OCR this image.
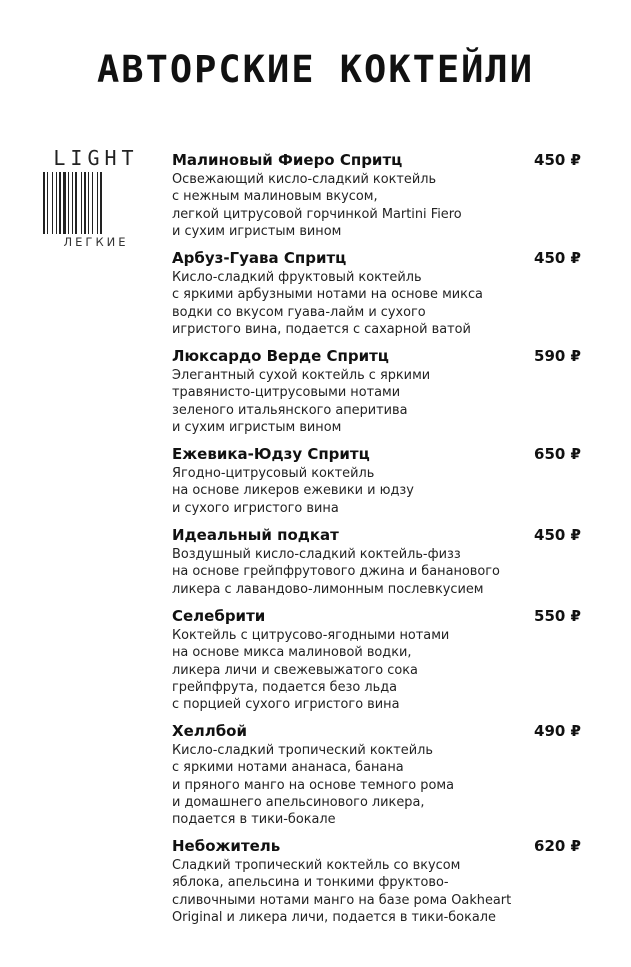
АВТОРСКИЕ КОКТЕЙЛИ
LIGHT
ЛЕГКИЕ
Малиновый Фиеро Спритц	450 ₽
Освежающий кисло-сладкий коктейль
с нежным малиновым вкусом,
легкой цитрусовой горчинкой Martini Fiero
и сухим игристым вином
Арбуз-Гуава Спритц	450 ₽
Кисло-сладкий фруктовый коктейль
с яркими арбузными нотами на основе микса
водки со вкусом гуава-лайм и сухого
игристого вина, подается с сахарной ватой
Люксардо Верде Спритц	590 ₽
Элегантный сухой коктейль с яркими
травянисто-цитрусовыми нотами
зеленого итальянского аперитива
и сухим игристым вином
Ежевика-Юдзу Спритц	650 ₽
Ягодно-цитрусовый коктейль
на основе ликеров ежевики и юдзу
и сухого игристого вина
Идеальный подкат	450 ₽
Воздушный кисло-сладкий коктейль-физз
на основе грейпфрутового джина и бананового
ликера с лавандово-лимонным послевкусием
Селебрити	550 ₽
Коктейль с цитрусово-ягодными нотами
на основе микса малиновой водки,
ликера личи и свежевыжатого сока
грейпфрута, подается безо льда
с порцией сухого игристого вина
Хеллбой	490 ₽
Кисло-сладкий тропический коктейль
с яркими нотами ананаса, банана
и пряного манго на основе темного рома
и домашнего апельсинового ликера,
подается в тики-бокале
Небожитель	620 ₽
Сладкий тропический коктейль со вкусом
яблока, апельсина и тонкими фруктово-
сливочными нотами манго на базе рома Oakheart
Original и ликера личи, подается в тики-бокале
